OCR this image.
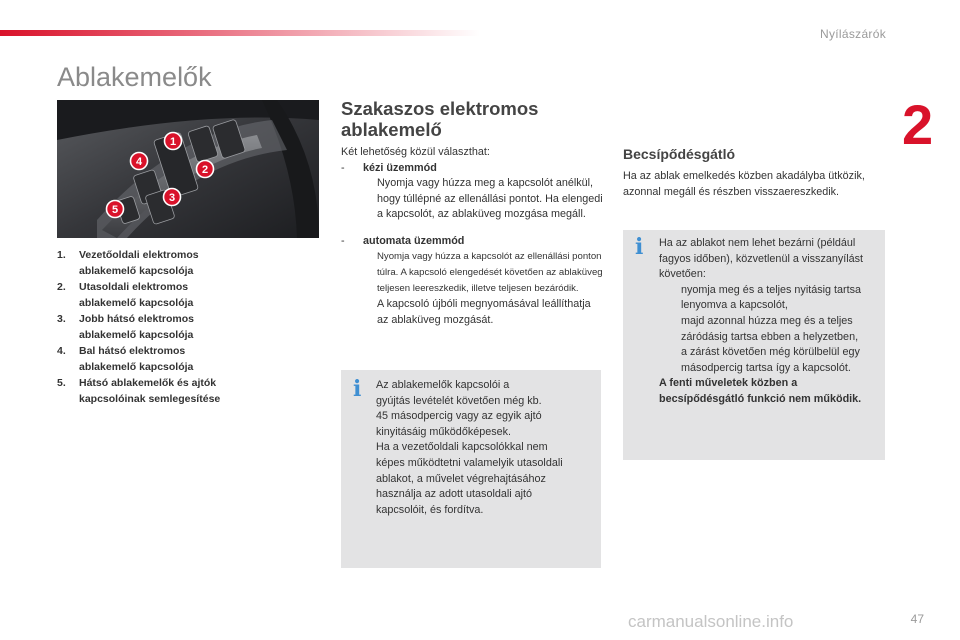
Nyílászárók
2
Ablakemelők
1
2
3
4
5
1.	Vezetőoldali elektromos
ablakemelő kapcsolója
2.	Utasoldali elektromos
ablakemelő kapcsolója
3.	Jobb hátsó elektromos
ablakemelő kapcsolója
4.	Bal hátsó elektromos
ablakemelő kapcsolója
5.	Hátsó ablakemelők és ajtók
kapcsolóinak semlegesítése
Szakaszos elektromos
ablakemelő

Két lehetőség közül választhat:

-	kézi üzemmód
Nyomja vagy húzza meg a kapcsolót anélkül, hogy túllépné az ellenállási pontot. Ha elengedi a kapcsolót, az ablaküveg mozgása megáll.
-	automata üzemmód
Nyomja vagy húzza a kapcsolót az ellenállási ponton túlra. A kapcsoló elengedését követően az ablaküveg teljesen leereszkedik, illetve teljesen bezáródik.
A kapcsoló újbóli megnyomásával leállíthatja az ablaküveg mozgását.
i Az ablakemelők kapcsolói a
gyújtás levételét követően még kb.
45 másodpercig vagy az egyik ajtó
kinyitásáig működőképesek.
Ha a vezetőoldali kapcsolókkal nem
képes működtetni valamelyik utasoldali
ablakot, a művelet végrehajtásához
használja az adott utasoldali ajtó
kapcsolóit, és fordítva.
Becsípődésgátló
Ha az ablak emelkedés közben akadályba ütközik, azonnal megáll és részben visszaereszkedik.
i Ha az ablakot nem lehet bezárni (például fagyos időben), közvetlenül a visszanyílást követően:
nyomja meg és a teljes nyitásig tartsa lenyomva a kapcsolót,
majd azonnal húzza meg és a teljes záródásig tartsa ebben a helyzetben,
a zárást követően még körülbelül egy másodpercig tartsa így a kapcsolót.
A fenti műveletek közben a becsípődésgátló funkció nem működik.
carmanualsonline.info	47
